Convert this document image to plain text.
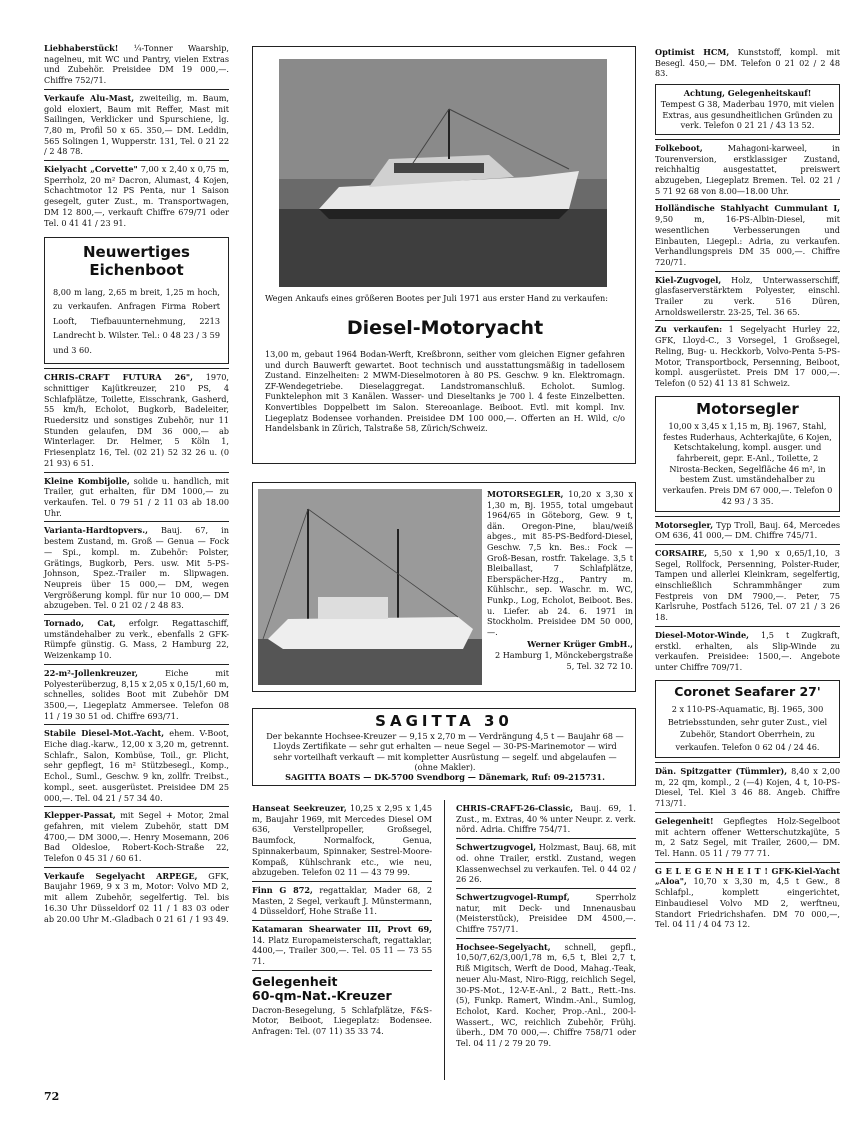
Liebhaberstück! ¼-Tonner Waarship, nagelneu, mit WC und Pantry, vielen Extras und Zubehör. Preisidee DM 19 000,—. Chiffre 752/71.
Verkaufe Alu-Mast, zweiteilig, m. Baum, gold eloxiert, Baum mit Reffer, Mast mit Sailingen, Verklicker und Spurschiene, lg. 7,80 m, Profil 50 x 65. 350,— DM. Leddin, 565 Solingen 1, Wupperstr. 131, Tel. 0 21 22 / 2 48 78.
Kielyacht „Corvette" 7,00 x 2,40 x 0,75 m, Sperrholz, 20 m² Dacron, Alumast, 4 Kojen, Schachtmotor 12 PS Penta, nur 1 Saison gesegelt, guter Zust., m. Transportwagen, DM 12 800,—, verkauft Chiffre 679/71 oder Tel. 0 41 41 / 23 91.
Neuwertiges
Eichenboot
8,00 m lang, 2,65 m breit, 1,25 m hoch, zu verkaufen. Anfragen Firma Robert Looft, Tiefbauunternehmung, 2213 Landrecht b. Wilster. Tel.: 0 48 23 / 3 59 und 3 60.
CHRIS-CRAFT FUTURA 26", 1970, schnittiger Kajütkreuzer, 210 PS, 4 Schlafplätze, Toilette, Eisschrank, Gasherd, 55 km/h, Echolot, Bugkorb, Badeleiter, Ruedersitz und sonstiges Zubehör, nur 11 Stunden gelaufen, DM 36 000,— ab Winterlager. Dr. Helmer, 5 Köln 1, Friesenplatz 16, Tel. (02 21) 52 32 26 u. (0 21 93) 6 51.
Kleine Kombijolle, solide u. handlich, mit Trailer, gut erhalten, für DM 1000,— zu verkaufen. Tel. 0 79 51 / 2 11 03 ab 18.00 Uhr.
Varianta-Hardtopvers., Bauj. 67, in bestem Zustand, m. Groß — Genua — Fock — Spi., kompl. m. Zubehör: Polster, Grätings, Bugkorb, Pers. usw. Mit 5-PS-Johnson, Spez.-Trailer m. Slipwagen. Neupreis über 15 000,— DM, wegen Vergrößerung kompl. für nur 10 000,— DM abzugeben. Tel. 0 21 02 / 2 48 83.
Tornado, Cat, erfolgr. Regattaschiff, umständehalber zu verk., ebenfalls 2 GFK-Rümpfe günstig. G. Mass, 2 Hamburg 22, Weizenkamp 10.
22-m²-Jollenkreuzer, Eiche mit Polyesterüberzug, 8,15 x 2,05 x 0,15/1,60 m, schnelles, solides Boot mit Zubehör DM 3500,—, Liegeplatz Ammersee. Telefon 08 11 / 19 30 51 od. Chiffre 693/71.
Stabile Diesel-Mot.-Yacht, ehem. V-Boot, Eiche diag.-karw., 12,00 x 3,20 m, getrennt. Schlafr., Salon, Kombüse, Toil., gr. Plicht, sehr gepflegt, 16 m² Stützbesegl., Komp., Echol., Suml., Geschw. 9 kn, zollfr. Treibst., kompl., seet. ausgerüstet. Preisidee DM 25 000,—. Tel. 04 21 / 57 34 40.
Klepper-Passat, mit Segel + Motor, 2mal gefahren, mit vielem Zubehör, statt DM 4700,— DM 3000,—. Henry Mosemann, 206 Bad Oldesloe, Robert-Koch-Straße 22, Telefon 0 45 31 / 60 61.
Verkaufe Segelyacht ARPEGE, GFK, Baujahr 1969, 9 x 3 m, Motor: Volvo MD 2, mit allem Zubehör, segelfertig. Tel. bis 16.30 Uhr Düsseldorf 02 11 / 1 83 03 oder ab 20.00 Uhr M.-Gladbach 0 21 61 / 1 93 49.
Wegen Ankaufs eines größeren Bootes per Juli 1971 aus erster Hand zu verkaufen:
Diesel-Motoryacht
13,00 m, gebaut 1964 Bodan-Werft, Kreßbronn, seither vom gleichen Eigner gefahren und durch Bauwerft gewartet. Boot technisch und ausstattungsmäßig in tadellosem Zustand. Einzelheiten: 2 MWM-Dieselmotoren à 80 PS. Geschw. 9 kn. Elektromagn. ZF-Wendegetriebe. Dieselaggregat. Landstromanschluß. Echolot. Sumlog. Funktelephon mit 3 Kanälen. Wasser- und Dieseltanks je 700 l. 4 feste Einzelbetten. Konvertibles Doppelbett im Salon. Stereoanlage. Beiboot. Evtl. mit kompl. Inv. Liegeplatz Bodensee vorhanden. Preisidee DM 100 000,—. Offerten an H. Wild, c/o Handelsbank in Zürich, Talstraße 58, Zürich/Schweiz.
MOTORSEGLER, 10,20 x 3,30 x 1,30 m, Bj. 1955, total umgebaut 1964/65 in Göteborg, Gew. 9 t, dän. Oregon-Pine, blau/weiß abges., mit 85-PS-Bedford-Diesel, Geschw. 7,5 kn. Bes.: Fock — Groß-Besan, rostfr. Takelage. 3,5 t Bleiballast, 7 Schlafplätze, Eberspächer-Hzg., Pantry m. Kühlschr., sep. Waschr. m. WC, Funkp., Log, Echolot, Beiboot. Bes. u. Liefer. ab 24. 6. 1971 in Stockholm. Preisidee DM 50 000,—.
Werner Krüger GmbH.,
2 Hamburg 1, Mönckebergstraße 5, Tel. 32 72 10.
SAGITTA 30
Der bekannte Hochsee-Kreuzer — 9,15 x 2,70 m — Verdrängung 4,5 t — Baujahr 68 — Lloyds Zertifikate — sehr gut erhalten — neue Segel — 30-PS-Marinemotor — wird sehr vorteilhaft verkauft — mit kompletter Ausrüstung — segelf. und abgelaufen — (ohne Makler).
SAGITTA BOATS — DK-5700 Svendborg — Dänemark, Ruf: 09-215731.
Hanseat Seekreuzer, 10,25 x 2,95 x 1,45 m, Baujahr 1969, mit Mercedes Diesel OM 636, Verstellpropeller, Großsegel, Baumfock, Normalfock, Genua, Spinnakerbaum, Spinnaker, Sestrel-Moore-Kompaß, Kühlschrank etc., wie neu, abzugeben. Telefon 02 11 — 43 79 99.
Finn G 872, regattaklar, Mader 68, 2 Masten, 2 Segel, verkauft J. Münstermann, 4 Düsseldorf, Hohe Straße 11.
Katamaran Shearwater III, Provt 69, 14. Platz Europameisterschaft, regattaklar, 4400,—, Trailer 300,—. Tel. 05 11 — 73 55 71.
Gelegenheit
60-qm-Nat.-Kreuzer
Dacron-Besegelung, 5 Schlafplätze, F&S-Motor, Beiboot, Liegeplatz: Bodensee. Anfragen: Tel. (07 11) 35 33 74.
CHRIS-CRAFT-26-Classic, Bauj. 69, 1. Zust., m. Extras, 40 % unter Neupr. z. verk. nörd. Adria. Chiffre 754/71.
Schwertzugvogel, Holzmast, Bauj. 68, mit od. ohne Trailer, erstkl. Zustand, wegen Klassenwechsel zu verkaufen. Tel. 0 44 02 / 26 26.
Schwertzugvogel-Rumpf, Sperrholz natur, mit Deck- und Innenausbau (Meisterstück), Preisidee DM 4500,—. Chiffre 757/71.
Hochsee-Segelyacht, schnell, gepfl., 10,50/7,62/3,00/1,78 m, 6,5 t, Blei 2,7 t, Riß Migitsch, Werft de Dood, Mahag.-Teak, neuer Alu-Mast, Niro-Rigg, reichlich Segel, 30-PS-Mot., 12-V-E-Anl., 2 Batt., Rett.-Ins. (5), Funkp. Ramert, Windm.-Anl., Sumlog, Echolot, Kard. Kocher, Prop.-Anl., 200-l-Wassert., WC, reichlich Zubehör, Frühj. überh., DM 70 000,—. Chiffre 758/71 oder Tel. 04 11 / 2 79 20 79.
Optimist HCM, Kunststoff, kompl. mit Besegl. 450,— DM. Telefon 0 21 02 / 2 48 83.
Achtung, Gelegenheitskauf!
Tempest G 38, Maderbau 1970, mit vielen Extras, aus gesundheitlichen Gründen zu verk. Telefon 0 21 21 / 43 13 52.
Folkeboot, Mahagoni-karweel, in Tourenversion, erstklassiger Zustand, reichhaltig ausgestattet, preiswert abzugeben, Liegeplatz Bremen. Tel. 02 21 / 5 71 92 68 von 8.00—18.00 Uhr.
Holländische Stahlyacht Cummulant I, 9,50 m, 16-PS-Albin-Diesel, mit wesentlichen Verbesserungen und Einbauten, Liegepl.: Adria, zu verkaufen. Verhandlungspreis DM 35 000,—. Chiffre 720/71.
Kiel-Zugvogel, Holz, Unterwasserschiff, glasfaserverstärktem Polyester, einschl. Trailer zu verk. 516 Düren, Arnoldsweilerstr. 23-25, Tel. 36 65.
Zu verkaufen: 1 Segelyacht Hurley 22, GFK, Lloyd-C., 3 Vorsegel, 1 Großsegel, Reling, Bug- u. Heckkorb, Volvo-Penta 5-PS-Motor, Transportbock, Persenning, Beiboot, kompl. ausgerüstet. Preis DM 17 000,—. Telefon (0 52) 41 13 81 Schweiz.
Motorsegler
10,00 x 3,45 x 1,15 m, Bj. 1967, Stahl, festes Ruderhaus, Achterkajüte, 6 Kojen, Ketschtakelung, kompl. ausger. und fahrbereit, gepr. E-Anl., Toilette, 2 Nirosta-Becken, Segelfläche 46 m², in bestem Zust. umständehalber zu verkaufen. Preis DM 67 000,—. Telefon 0 42 93 / 3 35.
Motorsegler, Typ Troll, Bauj. 64, Mercedes OM 636, 41 000,— DM. Chiffre 745/71.
CORSAIRE, 5,50 x 1,90 x 0,65/1,10, 3 Segel, Rollfock, Persenning, Polster-Ruder, Tampen und allerlei Kleinkram, segelfertig, einschließlich Schrammhänger zum Festpreis von DM 7900,—. Peter, 75 Karlsruhe, Postfach 5126, Tel. 07 21 / 3 26 18.
Diesel-Motor-Winde, 1,5 t Zugkraft, erstkl. erhalten, als Slip-Winde zu verkaufen. Preisidee: 1500,—. Angebote unter Chiffre 709/71.
Coronet Seafarer 27'
2 x 110-PS-Aquamatic, Bj. 1965, 300 Betriebsstunden, sehr guter Zust., viel Zubehör, Standort Oberrhein, zu verkaufen. Telefon 0 62 04 / 24 46.
Dän. Spitzgatter (Tümmler), 8,40 x 2,00 m, 22 qm, kompl., 2 (—4) Kojen, 4 t, 10-PS-Diesel, Tel. Kiel 3 46 88. Angeb. Chiffre 713/71.
Gelegenheit! Gepflegtes Holz-Segelboot mit achtern offener Wetterschutzkajüte, 5 m, 2 Satz Segel, mit Trailer, 2600,— DM. Tel. Hann. 05 11 / 79 77 71.
G E L E G E N H E I T ! GFK-Kiel-Yacht „Aloa", 10,70 x 3,30 m, 4,5 t Gew., 8 Schlafpl., komplett eingerichtet, Einbaudiesel Volvo MD 2, werftneu, Standort Friedrichshafen. DM 70 000,—, Tel. 04 11 / 4 04 73 12.
72
